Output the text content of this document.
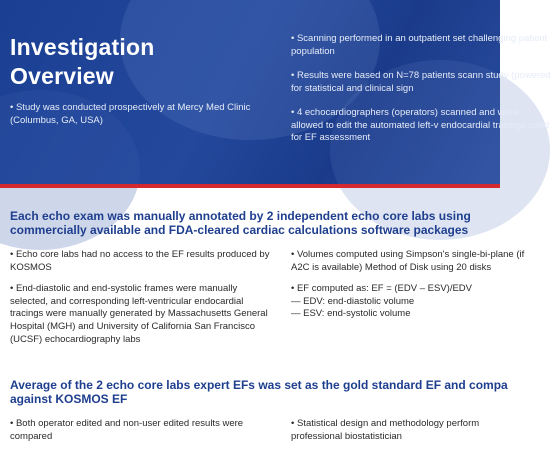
Investigation
Overview
• Study was conducted prospectively at Mercy Med Clinic (Columbus, GA, USA)

• Scanning performed in an outpatient set challenging patient population

• Results were based on N=78 patients scann study (powered for statistical and clinical sign

• 4 echocardiographers (operators) scanned and were allowed to edit the automated left-v endocardial tracings used for EF assessment

Each echo exam was manually annotated by 2 independent echo core labs using commercially available and FDA-cleared cardiac calculations software packages

• Echo core labs had no access to the EF results produced by KOSMOS

• End-diastolic and end-systolic frames were manually selected, and corresponding left-ventricular endocardial tracings were manually generated by Massachusetts General Hospital (MGH) and University of California San Francisco (UCSF) echocardiography labs

• Volumes computed using Simpson's single-bi-plane (if A2C is available) Method of Disk using 20 disks

• EF computed as: EF = (EDV – ESV)/EDV
— EDV: end-diastolic volume
— ESV: end-systolic volume

Average of the 2 echo core labs expert EFs was set as the gold standard EF and compa against KOSMOS EF

• Both operator edited and non-user edited results were compared

• Statistical design and methodology perform professional biostatistician
